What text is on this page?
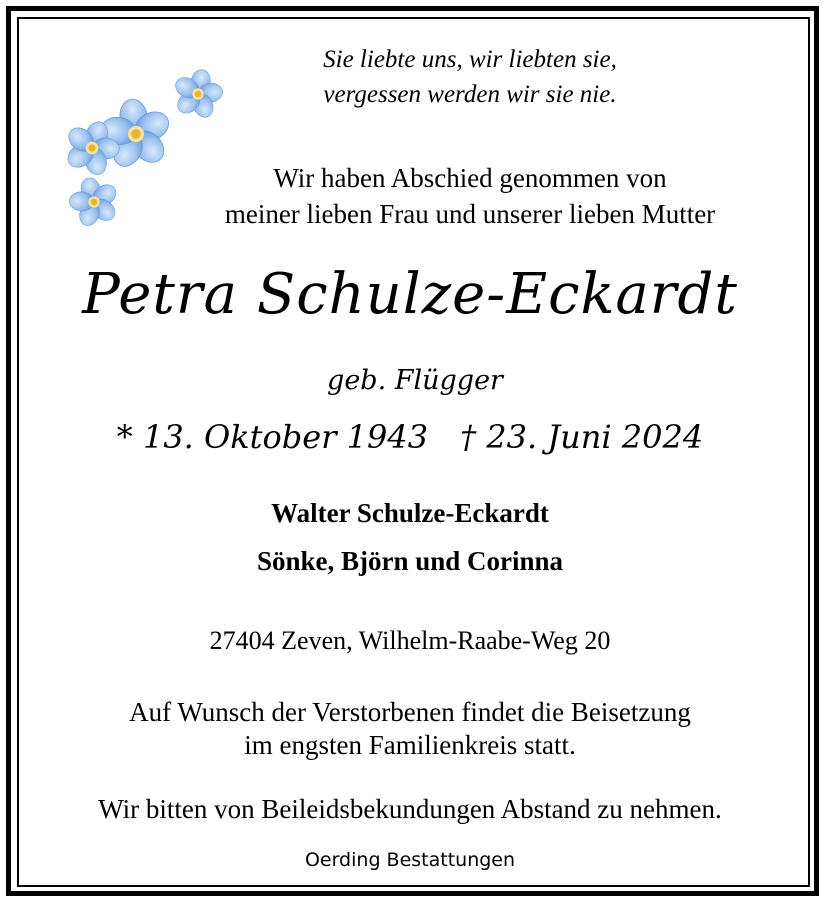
Sie liebte uns, wir liebten sie,
vergessen werden wir sie nie.
Wir haben Abschied genommen von
meiner lieben Frau und unserer lieben Mutter
Petra Schulze-Eckardt
geb. Flügger
* 13. Oktober 1943 † 23. Juni 2024
Walter Schulze-Eckardt
Sönke, Björn und Corinna
27404 Zeven, Wilhelm-Raabe-Weg 20
Auf Wunsch der Verstorbenen findet die Beisetzung
im engsten Familienkreis statt.
Wir bitten von Beileidsbekundungen Abstand zu nehmen.
Oerding Bestattungen
